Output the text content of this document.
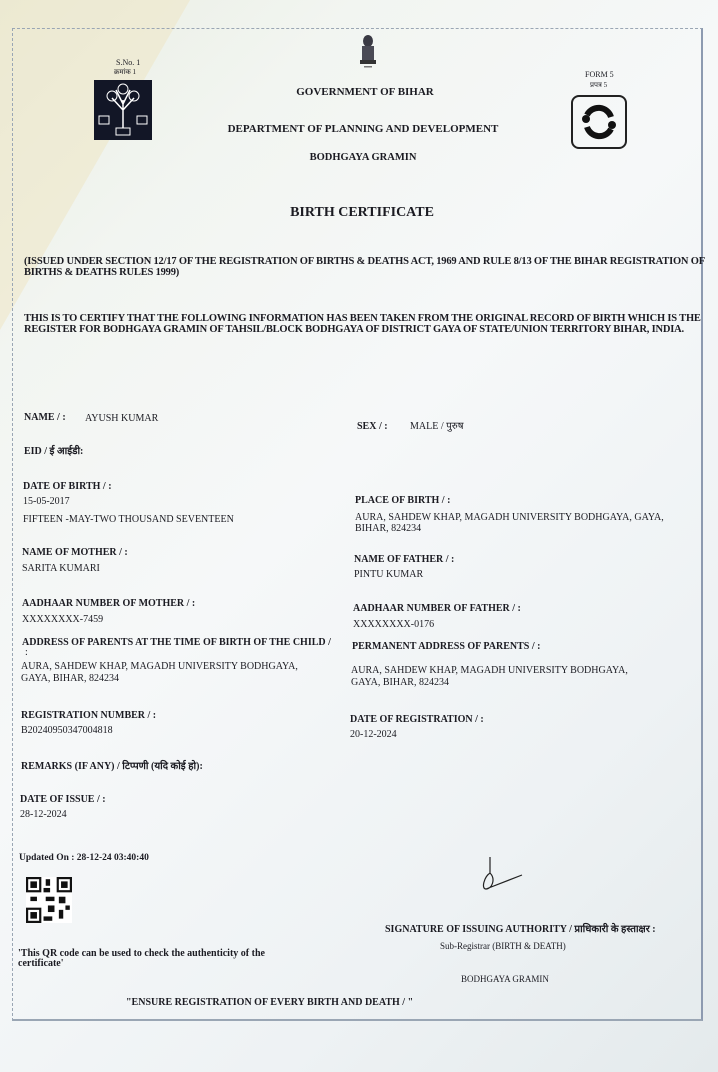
S.No. 1
क्रमांक 1
GOVERNMENT OF BIHAR
DEPARTMENT OF PLANNING AND DEVELOPMENT
BODHGAYA GRAMIN
FORM 5
प्रपत्र 5
BIRTH CERTIFICATE
(ISSUED UNDER SECTION 12/17 OF THE REGISTRATION OF BIRTHS & DEATHS ACT, 1969 AND RULE 8/13 OF THE BIHAR REGISTRATION OF BIRTHS & DEATHS RULES 1999)
THIS IS TO CERTIFY THAT THE FOLLOWING INFORMATION HAS BEEN TAKEN FROM THE ORIGINAL RECORD OF BIRTH WHICH IS THE REGISTER FOR BODHGAYA GRAMIN OF TAHSIL/BLOCK BODHGAYA OF DISTRICT GAYA OF STATE/UNION TERRITORY BIHAR, INDIA.
NAME / : AYUSH KUMAR
SEX / : MALE / पुरुष
EID / ई आईडी:
DATE OF BIRTH / :
15-05-2017
FIFTEEN -MAY-TWO THOUSAND SEVENTEEN
PLACE OF BIRTH / :
AURA, SAHDEW KHAP, MAGADH UNIVERSITY BODHGAYA, GAYA,
BIHAR, 824234
NAME OF MOTHER / :
SARITA KUMARI
NAME OF FATHER / :
PINTU KUMAR
AADHAAR NUMBER OF MOTHER / :
XXXXXXXX-7459
AADHAAR NUMBER OF FATHER / :
XXXXXXXX-0176
ADDRESS OF PARENTS AT THE TIME OF BIRTH OF THE CHILD /
:
AURA, SAHDEW KHAP, MAGADH UNIVERSITY BODHGAYA,
GAYA, BIHAR, 824234
PERMANENT ADDRESS OF PARENTS / :
AURA, SAHDEW KHAP, MAGADH UNIVERSITY BODHGAYA,
GAYA, BIHAR, 824234
REGISTRATION NUMBER / :
B20240950347004818
DATE OF REGISTRATION / :
20-12-2024
REMARKS (IF ANY) / टिप्पणी (यदि कोई हो):
DATE OF ISSUE / :
28-12-2024
Updated On : 28-12-24 03:40:40
'This QR code can be used to check the authenticity of the
certificate'
SIGNATURE OF ISSUING AUTHORITY / प्राधिकारी के हस्ताक्षर :
Sub-Registrar (BIRTH & DEATH)
BODHGAYA GRAMIN
"ENSURE REGISTRATION OF EVERY BIRTH AND DEATH / "
